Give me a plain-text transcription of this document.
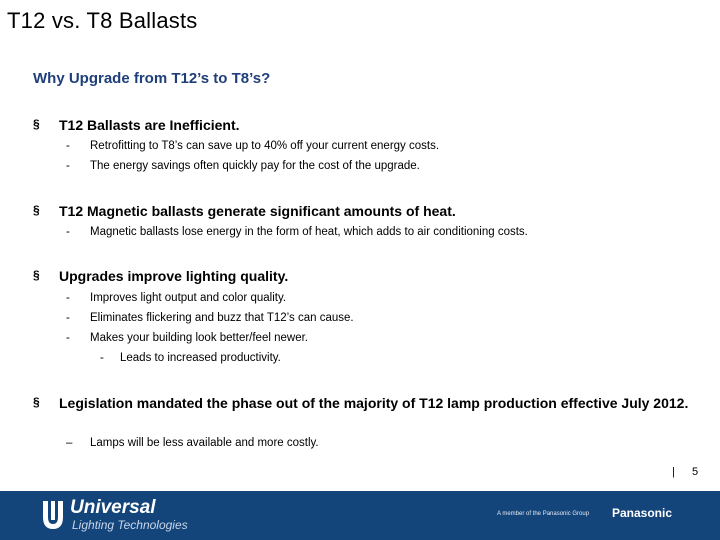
T12 vs. T8 Ballasts
Why Upgrade from T12’s to T8’s?
§ T12 Ballasts are Inefficient.
- Retrofitting to T8’s can save up to 40% off your current energy costs.
- The energy savings often quickly pay for the cost of the upgrade.
§ T12 Magnetic ballasts generate significant amounts of heat.
- Magnetic ballasts lose energy in the form of heat, which adds to air conditioning costs.
§ Upgrades improve lighting quality.
- Improves light output and color quality.
- Eliminates flickering and buzz that T12’s can cause.
- Makes your building look better/feel newer.
- Leads to increased productivity.
§ Legislation mandated the phase out of the majority of T12 lamp production effective July 2012.
– Lamps will be less available and more costly.
| 5
Universal
Lighting Technologies
A member of the Panasonic Group Panasonic
